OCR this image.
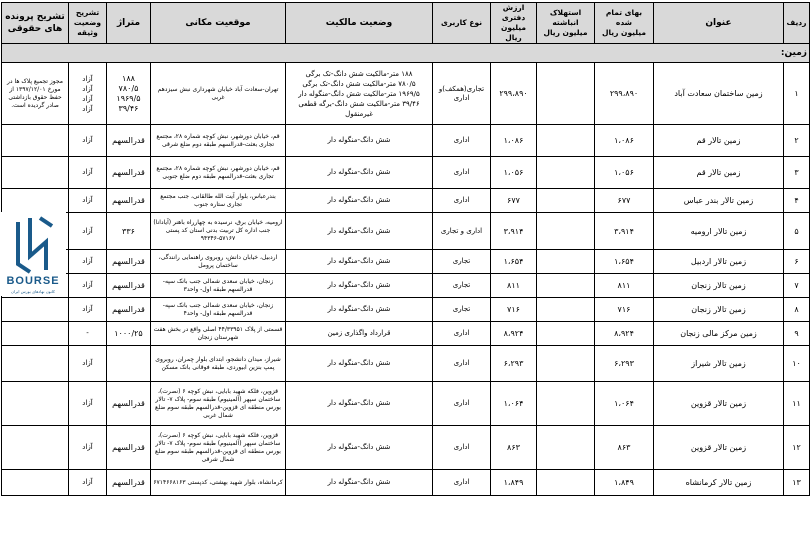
تشریح پرونده
های حقوقی	تشریح
وضعیت وثیقه	متراژ	موقعیت مکانی	وضعیت مالکیت	نوع کاربری	ارزش دفتری
میلیون ریال	استهلاک انباشته
میلیون ریال	بهای تمام شده
میلیون ریال	عنوان	ردیف
زمین:										
مجوز تجمیع پلاک ها در مورخ ۱۳۹۷/۱۲/۰۱ از حفظ حقوق بازداشتی صادر گردیده است.	آزاد
آزاد
آزاد
آزاد	۱۸۸
۷۸۰/۵
۱۹۶۹/۵
۳۹/۴۶	تهران-سعادت آباد خیابان شهرداری نبش سیزدهم غربی	۱۸۸ متر-مالکیت شش دانگ-تک برگی
۷۸۰/۵ متر-مالکیت شش دانگ-تک برگی
۱۹۶۹/۵ متر-مالکیت شش دانگ-منگوله دار
۳۹/۴۶ متر-مالکیت شش دانگ-برگه قطعی غیرمنقول	تجاری(همکف)و اداری	۲۹۹،۸۹۰		۲۹۹،۸۹۰	زمین ساختمان سعادت آباد	۱
	آزاد	قدرالسهم	قم، خیابان دورشهر، نبش کوچه شماره ۲۸، مجتمع تجاری بعثت-قدرالسهم طبقه دوم ضلع شرقی	شش دانگ-منگوله دار	اداری	۱،۰۸۶		۱،۰۸۶	زمین تالار قم	۲
	آزاد	قدرالسهم	قم، خیابان دورشهر، نبش کوچه شماره ۲۸، مجتمع تجاری بعثت-قدرالسهم طبقه دوم ضلع جنوبی	شش دانگ-منگوله دار	اداری	۱،۰۵۶		۱،۰۵۶	زمین تالار قم	۳
	آزاد	قدرالسهم	بندرعباس، بلوار آیت الله طالقانی، جنب مجتمع تجاری ستاره جنوب	شش دانگ-منگوله دار	اداری	۶۷۷		۶۷۷	زمین تالار بندر عباس	۴
	آزاد	۳۳۶	ارومیه، خیابان برق، نرسیده به چهارراه باهنر (آیادانا) جنب اداره کل تربیت بدنی استان کد پستی ۵۷۱۶۷-۹۴۳۴۶	شش دانگ-منگوله دار	اداری و تجاری	۳،۹۱۴		۳،۹۱۴	زمین تالار ارومیه	۵
	آزاد	قدرالسهم	اردبیل، خیابان دانش، روبروی راهنمایی رانندگی، ساختمان پرومل	شش دانگ-منگوله دار	تجاری	۱،۶۵۴		۱،۶۵۴	زمین تالار اردبیل	۶
	آزاد	قدرالسهم	زنجان، خیابان سعدی شمالی جنب بانک سپه-قدرالسهم طبقه اول- واحد۳	شش دانگ-منگوله دار	تجاری	۸۱۱		۸۱۱	زمین تالار زنجان	۷
	آزاد	قدرالسهم	زنجان، خیابان سعدی شمالی جنب بانک سپه-قدرالسهم طبقه اول- واحد۴	شش دانگ-منگوله دار	تجاری	۷۱۶		۷۱۶	زمین تالار زنجان	۸
	-	۱۰۰۰/۲۵	قسمتی از پلاک ۴۴/۳۳۹۵۱ اصلی واقع در بخش هفت شهرستان زنجان	قرارداد واگذاری زمین	اداری	۸،۹۲۴		۸،۹۲۴	زمین مرکز مالی زنجان	۹
	آزاد		شیراز، میدان دانشجو، ابتدای بلوار چمران، روبروی پمپ بنزین ابیوردی، طبقه فوقانی بانک مسکن	شش دانگ-منگوله دار	اداری	۶،۲۹۳		۶،۲۹۳	زمین تالار شیراز	۱۰
	آزاد	قدرالسهم	قزوین، فلکه شهید بابایی، نبش کوچه ۶ (نصرت)، ساختمان سپهر (آلمینیوم) طبقه سوم- پلاک ۷- تالار بورس منطقه ای قزوین-قدرالسهم طبقه سوم ضلع شمال غربی	شش دانگ-منگوله دار	اداری	۱،۰۶۴		۱،۰۶۴	زمین تالار قزوین	۱۱
	آزاد	قدرالسهم	قزوین، فلکه شهید بابایی، نبش کوچه ۶ (نصرت)، ساختمان سپهر (آلمینیوم) طبقه سوم- پلاک ۷- تالار بورس منطقه ای قزوین-قدرالسهم طبقه سوم ضلع شمال شرقی	شش دانگ-منگوله دار	اداری	۸۶۳		۸۶۳	زمین تالار قزوین	۱۲
	آزاد	قدرالسهم	کرمانشاه، بلوار شهید بهشتی، کدپستی ۶۷۱۴۶۶۸۱۶۳	شش دانگ-منگوله دار	اداری	۱،۸۴۹		۱،۸۴۹	زمین تالار کرمانشاه	۱۳
BOURSE
کانون نهادهای بورس ایران
